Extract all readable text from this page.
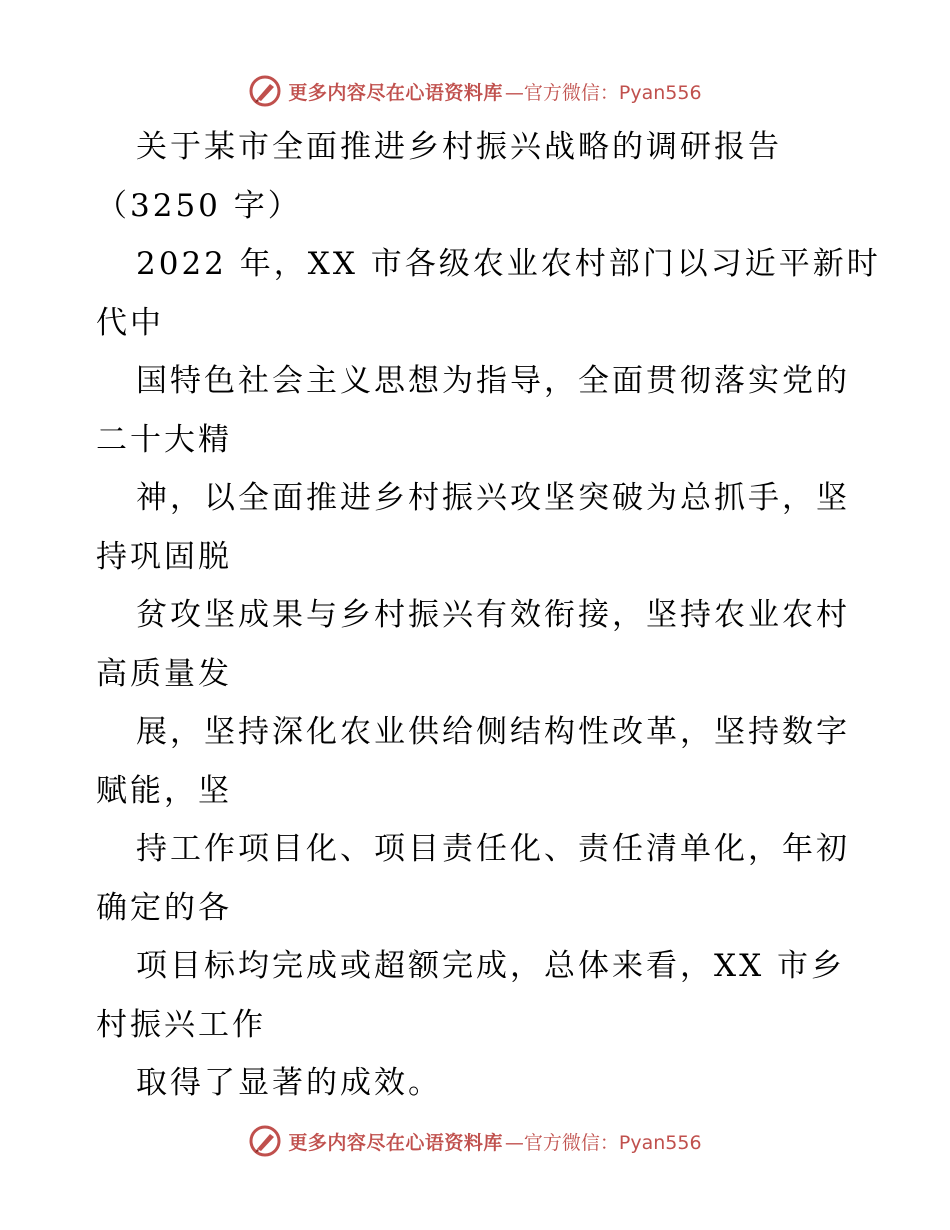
更多内容尽在心语资料库 —官方微信：Pyan556
关于某市全面推进乡村振兴战略的调研报告
（3250 字）
2022 年，XX 市各级农业农村部门以习近平新时
代中
国特色社会主义思想为指导，全面贯彻落实党的
二十大精
神，以全面推进乡村振兴攻坚突破为总抓手，坚
持巩固脱
贫攻坚成果与乡村振兴有效衔接，坚持农业农村
高质量发
展，坚持深化农业供给侧结构性改革，坚持数字
赋能，坚
持工作项目化、项目责任化、责任清单化，年初
确定的各
项目标均完成或超额完成，总体来看，XX 市乡
村振兴工作
取得了显著的成效。
更多内容尽在心语资料库 —官方微信：Pyan556
